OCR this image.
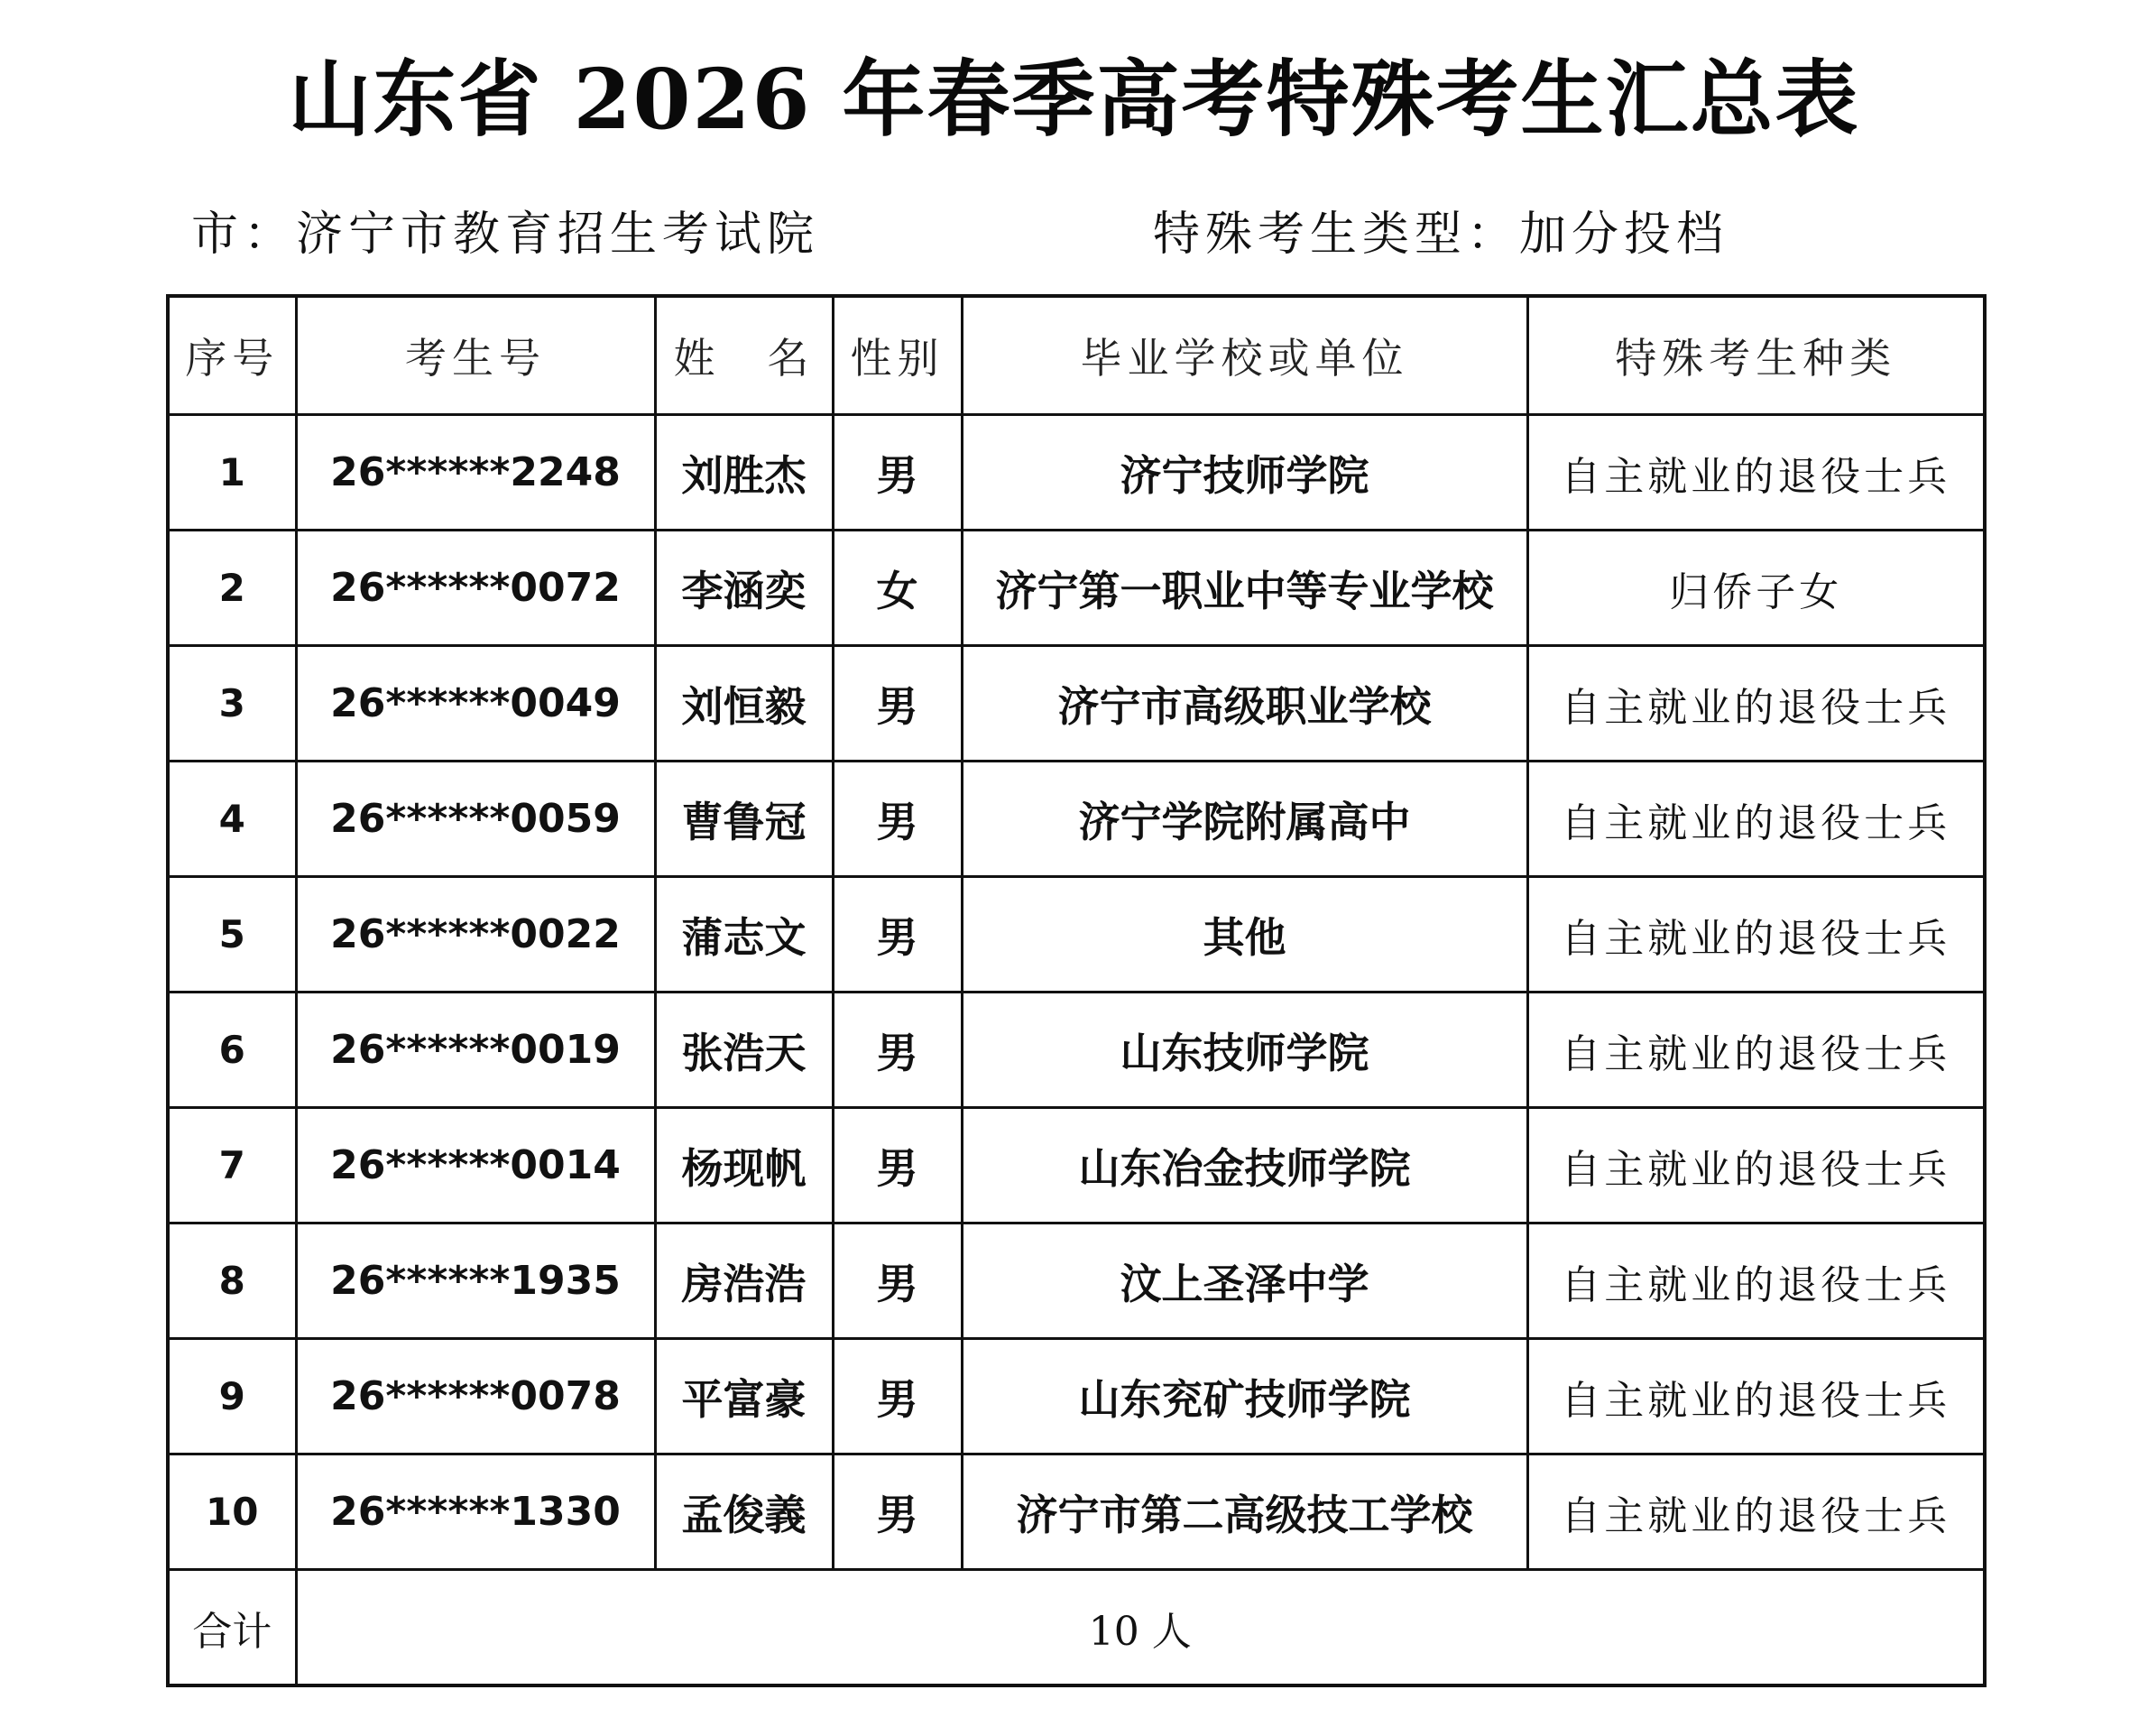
山东省 2026 年春季高考特殊考生汇总表
市：济宁市教育招生考试院	特殊考生类型：加分投档
序号	考生号	姓　名	性别	毕业学校或单位	特殊考生种类
1	26******2248	刘胜杰	男	济宁技师学院	自主就业的退役士兵
2	26******0072	李涵奕	女	济宁第一职业中等专业学校	归侨子女
3	26******0049	刘恒毅	男	济宁市高级职业学校	自主就业的退役士兵
4	26******0059	曹鲁冠	男	济宁学院附属高中	自主就业的退役士兵
5	26******0022	蒲志文	男	其他	自主就业的退役士兵
6	26******0019	张浩天	男	山东技师学院	自主就业的退役士兵
7	26******0014	杨现帆	男	山东冶金技师学院	自主就业的退役士兵
8	26******1935	房浩浩	男	汶上圣泽中学	自主就业的退役士兵
9	26******0078	平富豪	男	山东兖矿技师学院	自主就业的退役士兵
10	26******1330	孟俊義	男	济宁市第二高级技工学校	自主就业的退役士兵
合计	10 人				
